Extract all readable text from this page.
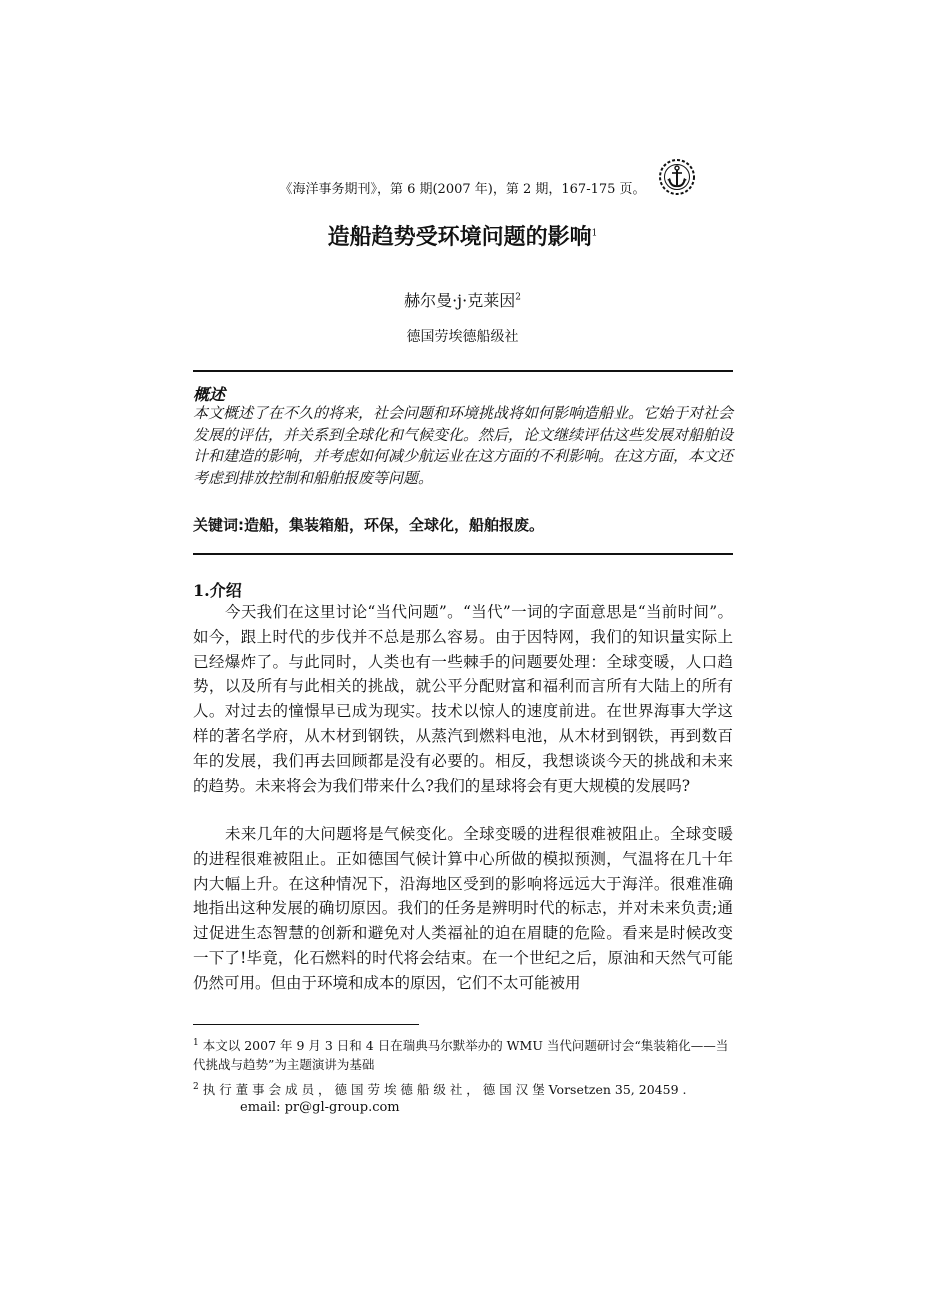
《海洋事务期刊》，第 6 期(2007 年)，第 2 期，167-175 页。
造船趋势受环境问题的影响$^1$
赫尔曼·j·克莱因$^2$
德国劳埃德船级社
概述
本文概述了在不久的将来，社会问题和环境挑战将如何影响造船业。它始于对社会发展的评估，并关系到全球化和气候变化。然后，论文继续评估这些发展对船舶设计和建造的影响，并考虑如何减少航运业在这方面的不利影响。在这方面，本文还考虑到排放控制和船舶报废等问题。
关键词:造船，集装箱船，环保，全球化，船舶报废。
1.介绍
今天我们在这里讨论“当代问题”。“当代”一词的字面意思是“当前时间”。如今，跟上时代的步伐并不总是那么容易。由于因特网，我们的知识量实际上已经爆炸了。与此同时，人类也有一些棘手的问题要处理：全球变暖，人口趋势，以及所有与此相关的挑战，就公平分配财富和福利而言所有大陆上的所有人。对过去的憧憬早已成为现实。技术以惊人的速度前进。在世界海事大学这样的著名学府，从木材到钢铁，从蒸汽到燃料电池，从木材到钢铁，再到数百年的发展，我们再去回顾都是没有必要的。相反，我想谈谈今天的挑战和未来的趋势。未来将会为我们带来什么?我们的星球将会有更大规模的发展吗?
未来几年的大问题将是气候变化。全球变暖的进程很难被阻止。全球变暖的进程很难被阻止。正如德国气候计算中心所做的模拟预测，气温将在几十年内大幅上升。在这种情况下，沿海地区受到的影响将远远大于海洋。很难准确地指出这种发展的确切原因。我们的任务是辨明时代的标志，并对未来负责;通过促进生态智慧的创新和避免对人类福祉的迫在眉睫的危险。看来是时候改变一下了!毕竟，化石燃料的时代将会结束。在一个世纪之后，原油和天然气可能仍然可用。但由于环境和成本的原因，它们不太可能被用
$^1$ 本文以 2007 年 9 月 3 日和 4 日在瑞典马尔默举办的 WMU 当代问题研讨会“集装箱化——当代挑战与趋势”为主题演讲为基础
$^2$ 执 行 董 事 会 成 员 ， 德 国 劳 埃 德 船 级 社 ， 德 国 汉 堡 Vorsetzen 35, 20459 .
email: pr@gl-group.com
